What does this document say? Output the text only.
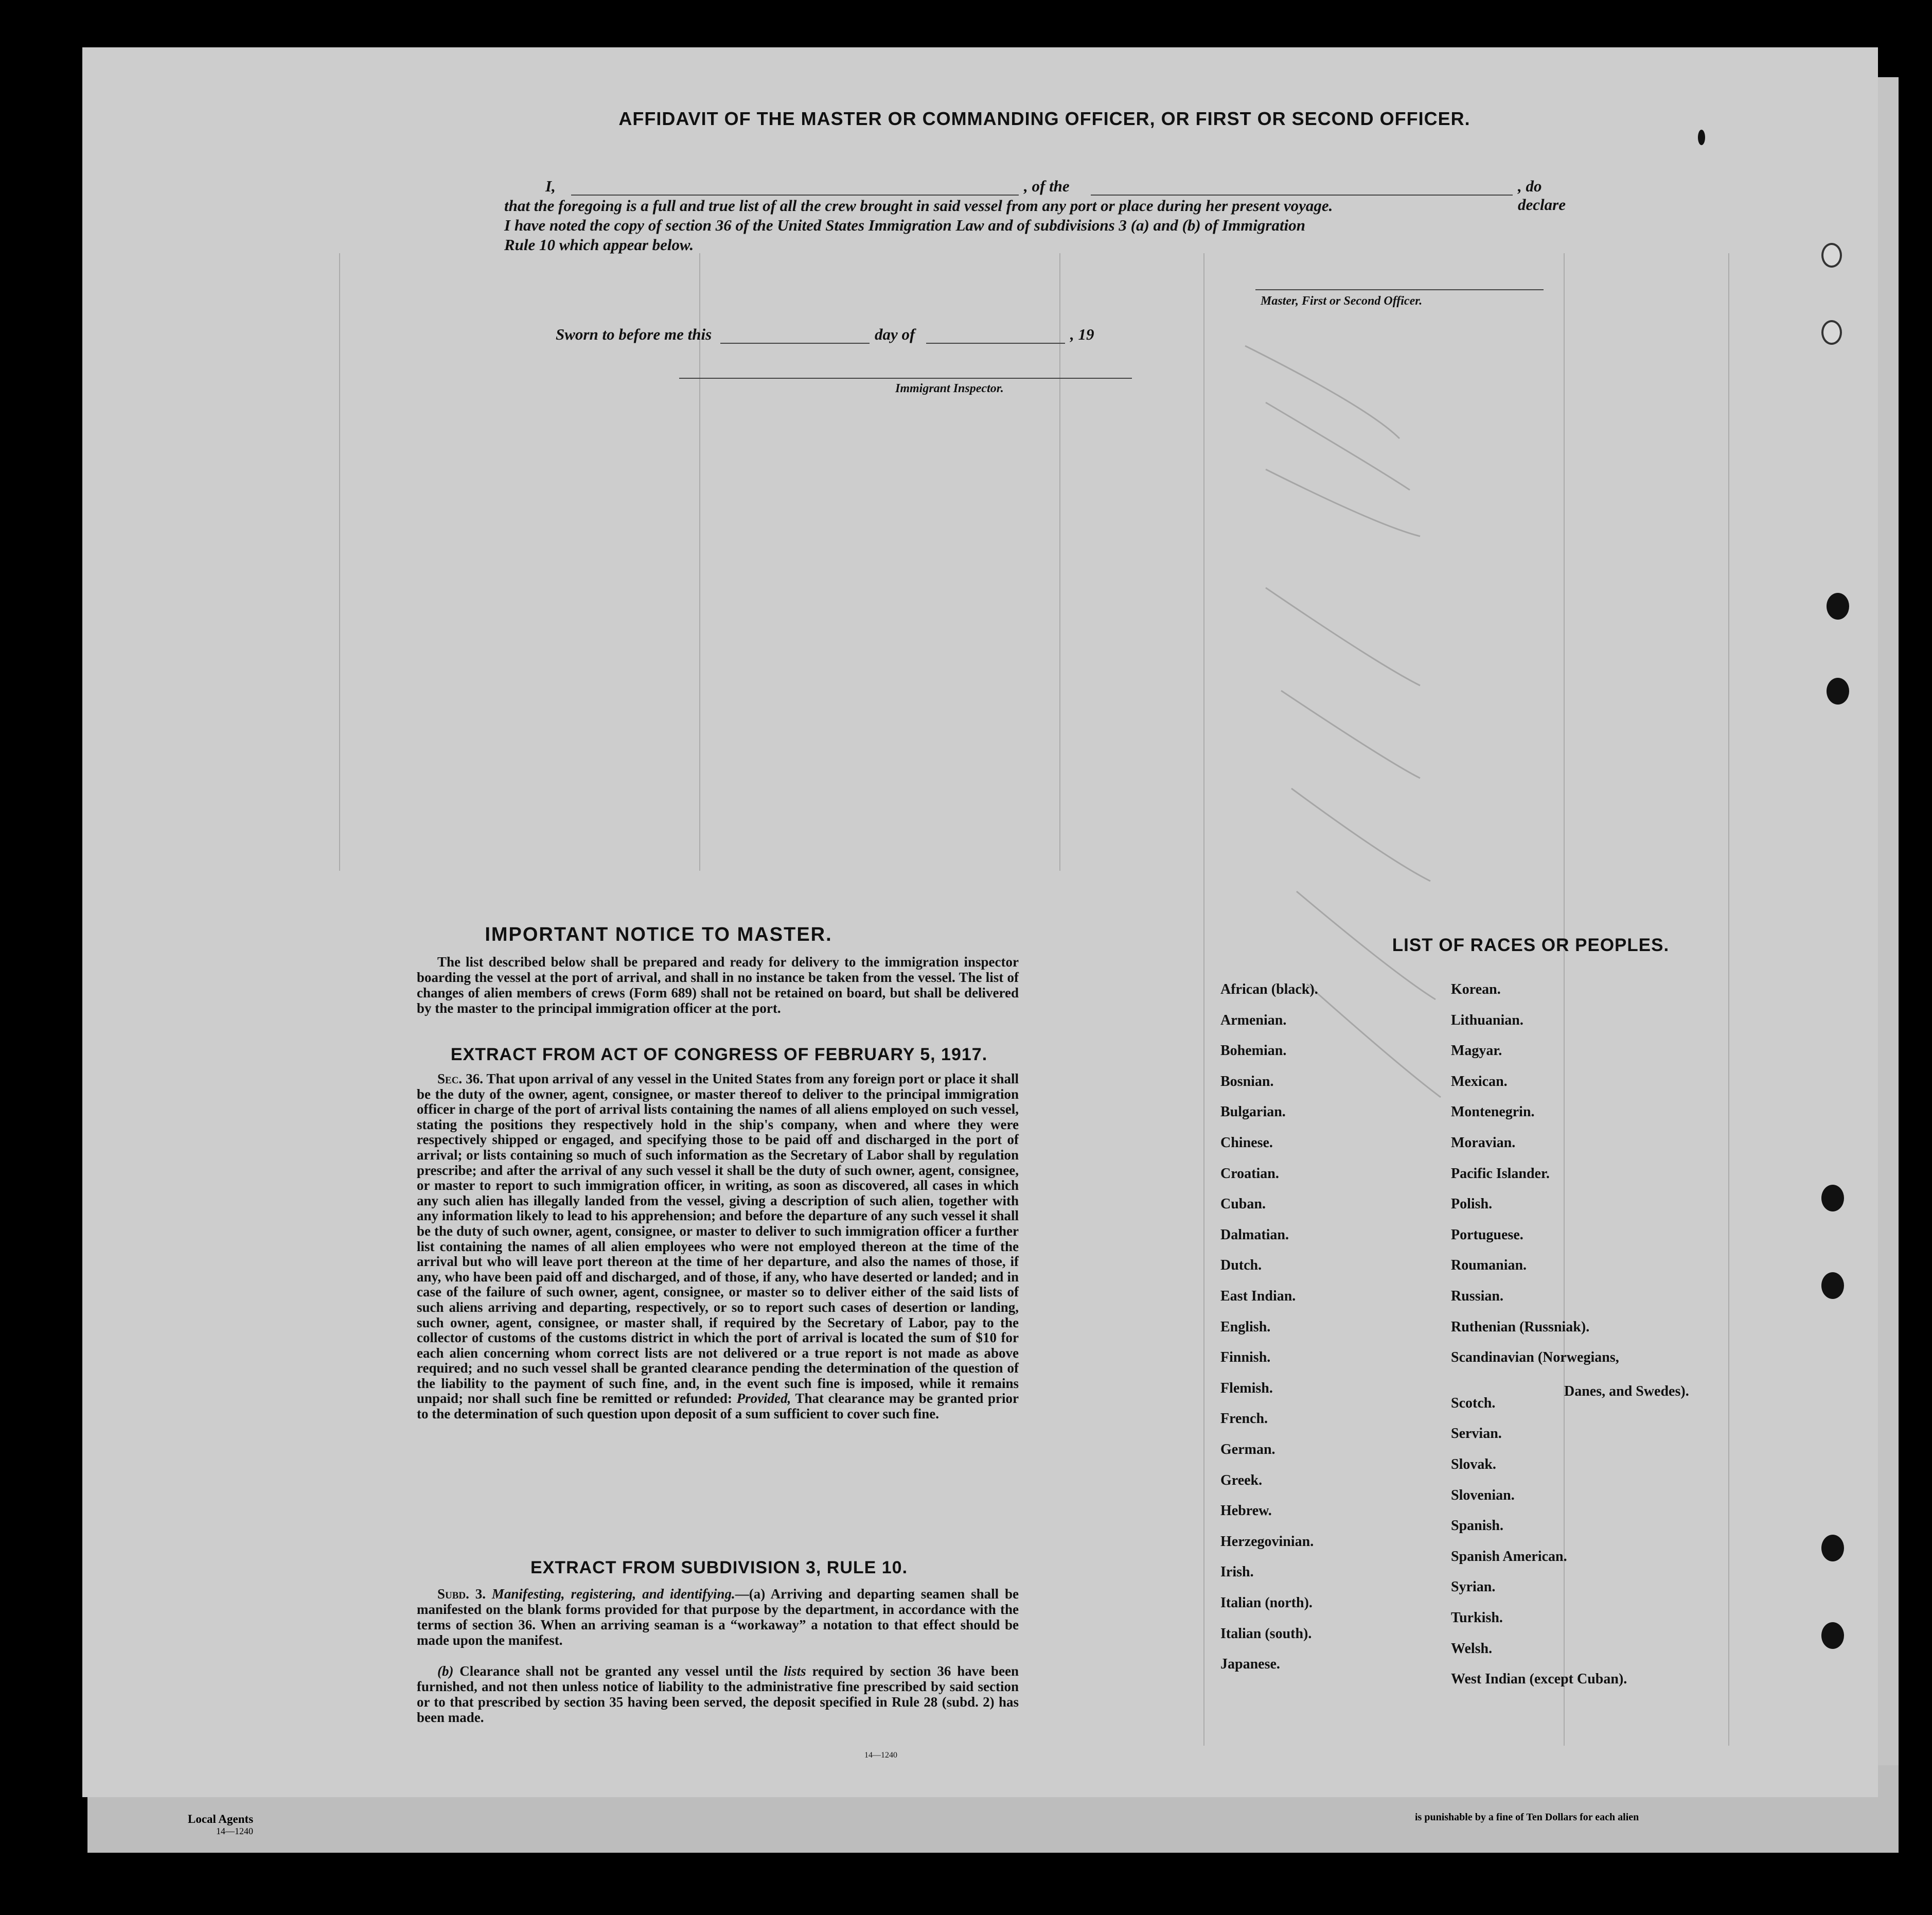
Local Agents
14—1240
is punishable by a fine of Ten Dollars for each alien
AFFIDAVIT OF THE MASTER OR COMMANDING OFFICER, OR FIRST OR SECOND OFFICER.
I,	, of the	, do declare
that the foregoing is a full and true list of all the crew brought in said vessel from any port or place during her present voyage.
I have noted the copy of section 36 of the United States Immigration Law and of subdivisions 3 (a) and (b) of Immigration
Rule 10 which appear below.
Master, First or Second Officer.
Sworn to before me this	day of	, 19
Immigrant Inspector.
IMPORTANT NOTICE TO MASTER.
The list described below shall be prepared and ready for delivery to the immigration inspector boarding the vessel at the port of arrival, and shall in no instance be taken from the vessel. The list of changes of alien members of crews (Form 689) shall not be retained on board, but shall be delivered by the master to the principal immigration officer at the port.
EXTRACT FROM ACT OF CONGRESS OF FEBRUARY 5, 1917.
Sec. 36. That upon arrival of any vessel in the United States from any foreign port or place it shall be the duty of the owner, agent, consignee, or master thereof to deliver to the principal immigration officer in charge of the port of arrival lists containing the names of all aliens employed on such vessel, stating the positions they respectively hold in the ship's company, when and where they were respectively shipped or engaged, and specifying those to be paid off and discharged in the port of arrival; or lists containing so much of such information as the Secretary of Labor shall by regulation prescribe; and after the arrival of any such vessel it shall be the duty of such owner, agent, consignee, or master to report to such immigration officer, in writing, as soon as discovered, all cases in which any such alien has illegally landed from the vessel, giving a description of such alien, together with any information likely to lead to his apprehension; and before the departure of any such vessel it shall be the duty of such owner, agent, consignee, or master to deliver to such immigration officer a further list containing the names of all alien employees who were not employed thereon at the time of the arrival but who will leave port thereon at the time of her departure, and also the names of those, if any, who have been paid off and discharged, and of those, if any, who have deserted or landed; and in case of the failure of such owner, agent, consignee, or master so to deliver either of the said lists of such aliens arriving and departing, respectively, or so to report such cases of desertion or landing, such owner, agent, consignee, or master shall, if required by the Secretary of Labor, pay to the collector of customs of the customs district in which the port of arrival is located the sum of $10 for each alien concerning whom correct lists are not delivered or a true report is not made as above required; and no such vessel shall be granted clearance pending the determination of the question of the liability to the payment of such fine, and, in the event such fine is imposed, while it remains unpaid; nor shall such fine be remitted or refunded: Provided, That clearance may be granted prior to the determination of such question upon deposit of a sum sufficient to cover such fine.
EXTRACT FROM SUBDIVISION 3, RULE 10.
Subd. 3. Manifesting, registering, and identifying.—(a) Arriving and departing seamen shall be manifested on the blank forms provided for that purpose by the department, in accordance with the terms of section 36. When an arriving seaman is a “workaway” a notation to that effect should be made upon the manifest.
(b) Clearance shall not be granted any vessel until the lists required by section 36 have been furnished, and not then unless notice of liability to the administrative fine prescribed by said section or to that prescribed by section 35 having been served, the deposit specified in Rule 28 (subd. 2) has been made.
14—1240
LIST OF RACES OR PEOPLES.
African (black).
Armenian.
Bohemian.
Bosnian.
Bulgarian.
Chinese.
Croatian.
Cuban.
Dalmatian.
Dutch.
East Indian.
English.
Finnish.
Flemish.
French.
German.
Greek.
Hebrew.
Herzegovinian.
Irish.
Italian (north).
Italian (south).
Japanese.
Korean.
Lithuanian.
Magyar.
Mexican.
Montenegrin.
Moravian.
Pacific Islander.
Polish.
Portuguese.
Roumanian.
Russian.
Ruthenian (Russniak).
Scandinavian (Norwegians,
Scotch.
Servian.
Slovak.
Slovenian.
Spanish.
Spanish American.
Syrian.
Turkish.
Welsh.
West Indian (except Cuban).
Danes, and Swedes).
